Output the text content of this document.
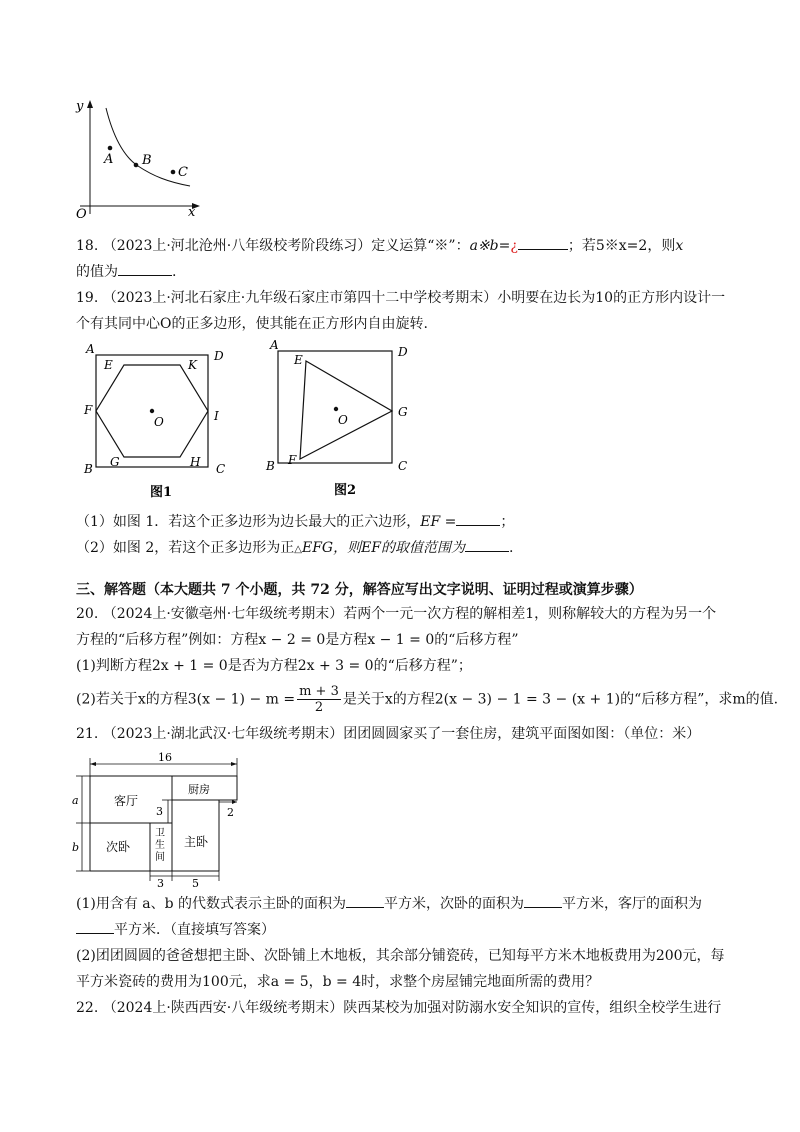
y
A B
C
O	x
18. （2023上·河北沧州·八年级校考阶段练习）定义运算“※”：a※b=¿	；若5※x=2，则x
的值为	.
19. （2023上·河北石家庄·九年级石家庄市第四十二中学校考期末）小明要在边长为10的正方形内设计一
个有其同中心O的正多边形，使其能在正方形内自由旋转.
A	D
E	K
F	I
O
G	H
B	C
图1
A	D
E
G
O
F
B	C
图2
（1）如图 1．若这个正多边形为边长最大的正六边形，EF =	；
（2）如图 2，若这个正多边形为正△EFG，则EF的取值范围为	.
三、解答题（本大题共 7 个小题，共 72 分，解答应写出文字说明、证明过程或演算步骤）
20. （2024上·安徽亳州·七年级统考期末）若两个一元一次方程的解相差1，则称解较大的方程为另一个
方程的“后移方程”例如：方程x − 2 = 0是方程x − 1 = 0的“后移方程”
(1)判断方程2x + 1 = 0是否为方程2x + 3 = 0的“后移方程”；
(2)若关于x的方程$3(x - 1) - m = \frac{m + 3}{2}$ 是关于x的方程2(x − 3) − 1 = 3 − (x + 1)的“后移方程”，求m的值.
21. （2023上·湖北武汉·七年级统考期末）团团圆圆家买了一套住房，建筑平面图如图：（单位：米）
16
客厅
厨房
3	2
次卧
卫
生
间
主卧
a
b
3	5
(1)用含有 a、b 的代数式表示主卧的面积为	平方米，次卧的面积为	平方米，客厅的面积为
平方米．（直接填写答案）
(2)团团圆圆的爸爸想把主卧、次卧铺上木地板，其余部分铺瓷砖，已知每平方米木地板费用为200元，每
平方米瓷砖的费用为100元，求a = 5，b = 4时，求整个房屋铺完地面所需的费用？
22. （2024上·陕西西安·八年级统考期末）陕西某校为加强对防溺水安全知识的宣传，组织全校学生进行
